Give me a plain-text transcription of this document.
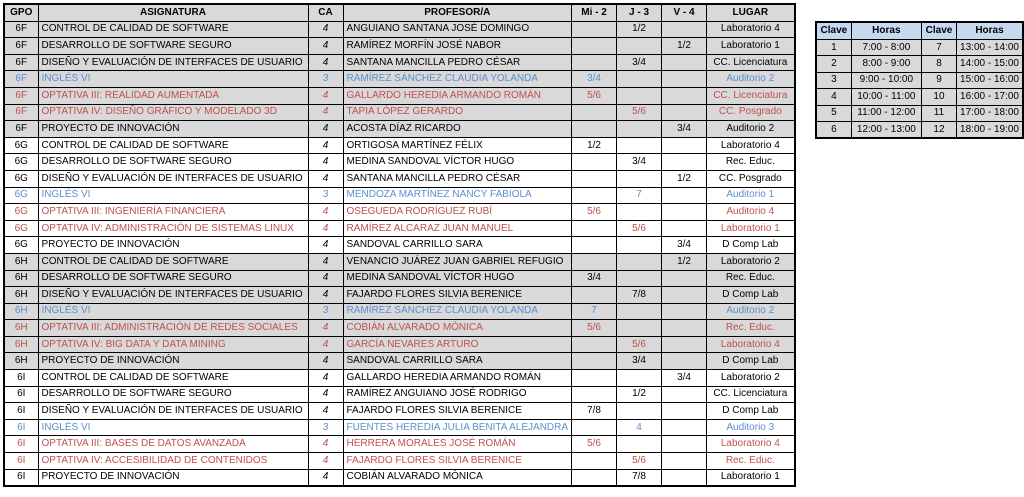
GPO	ASIGNATURA	CA	PROFESOR/A	Mi - 2	J - 3	V - 4	LUGAR
6F	CONTROL DE CALIDAD DE SOFTWARE	4	ANGUIANO SANTANA JOSÉ DOMINGO		1/2		Laboratorio 4
6F	DESARROLLO DE SOFTWARE SEGURO	4	RAMÍREZ MORFÍN JOSÉ NABOR			1/2	Laboratorio 1
6F	DISEÑO Y EVALUACIÓN DE INTERFACES DE USUARIO	4	SANTANA MANCILLA PEDRO CÉSAR		3/4		CC. Licenciatura
6F	INGLÉS VI	3	RAMÍREZ SÁNCHEZ CLAUDIA YOLANDA	3/4			Auditorio 2
6F	OPTATIVA III: REALIDAD AUMENTADA	4	GALLARDO HEREDIA ARMANDO ROMÁN	5/6			CC. Licenciatura
6F	OPTATIVA IV: DISEÑO GRÁFICO Y MODELADO 3D	4	TAPIA LÓPEZ GERARDO		5/6		CC. Posgrado
6F	PROYECTO DE INNOVACIÓN	4	ACOSTA DÍAZ RICARDO			3/4	Auditorio 2
6G	CONTROL DE CALIDAD DE SOFTWARE	4	ORTIGOSA MARTÍNEZ FÉLIX	1/2			Laboratorio 4
6G	DESARROLLO DE SOFTWARE SEGURO	4	MEDINA SANDOVAL VÍCTOR HUGO		3/4		Rec. Educ.
6G	DISEÑO Y EVALUACIÓN DE INTERFACES DE USUARIO	4	SANTANA MANCILLA PEDRO CÉSAR			1/2	CC. Posgrado
6G	INGLÉS VI	3	MENDOZA MARTÍNEZ NANCY FABIOLA		7		Auditorio 1
6G	OPTATIVA III: INGENIERÍA FINANCIERA	4	OSEGUEDA RODRÍGUEZ RUBÍ	5/6			Auditorio 4
6G	OPTATIVA IV: ADMINISTRACIÓN DE SISTEMAS LINUX	4	RAMÍREZ ALCARAZ JUAN MANUEL		5/6		Laboratorio 1
6G	PROYECTO DE INNOVACIÓN	4	SANDOVAL CARRILLO SARA			3/4	D Comp Lab
6H	CONTROL DE CALIDAD DE SOFTWARE	4	VENANCIO JUÁREZ JUAN GABRIEL REFUGIO			1/2	Laboratorio 2
6H	DESARROLLO DE SOFTWARE SEGURO	4	MEDINA SANDOVAL VÍCTOR HUGO	3/4			Rec. Educ.
6H	DISEÑO Y EVALUACIÓN DE INTERFACES DE USUARIO	4	FAJARDO FLORES SILVIA BERENICE		7/8		D Comp Lab
6H	INGLÉS VI	3	RAMÍREZ SÁNCHEZ CLAUDIA YOLANDA	7			Auditorio 2
6H	OPTATIVA III: ADMINISTRACIÓN DE REDES SOCIALES	4	COBIÁN ALVARADO MÓNICA	5/6			Rec. Educ.
6H	OPTATIVA IV: BIG DATA Y DATA MINING	4	GARCÍA NEVARES ARTURO		5/6		Laboratorio 4
6H	PROYECTO DE INNOVACIÓN	4	SANDOVAL CARRILLO SARA		3/4		D Comp Lab
6I	CONTROL DE CALIDAD DE SOFTWARE	4	GALLARDO HEREDIA ARMANDO ROMÁN			3/4	Laboratorio 2
6I	DESARROLLO DE SOFTWARE SEGURO	4	RAMÍREZ ANGUIANO JOSÉ RODRIGO		1/2		CC. Licenciatura
6I	DISEÑO Y EVALUACIÓN DE INTERFACES DE USUARIO	4	FAJARDO FLORES SILVIA BERENICE	7/8			D Comp Lab
6I	INGLÉS VI	3	FUENTES HEREDIA JULIA BENITA ALEJANDRA		4		Auditorio 3
6I	OPTATIVA III: BASES DE DATOS AVANZADA	4	HERRERA MORALES JOSÉ ROMÁN	5/6			Laboratorio 4
6I	OPTATIVA IV: ACCESIBILIDAD DE CONTENIDOS	4	FAJARDO FLORES SILVIA BERENICE		5/6		Rec. Educ.
6I	PROYECTO DE INNOVACIÓN	4	COBIÁN ALVARADO MÓNICA		7/8		Laboratorio 1
Clave	Horas	Clave	Horas
1	7:00 - 8:00	7	13:00 - 14:00
2	8:00 - 9:00	8	14:00 - 15:00
3	9:00 - 10:00	9	15:00 - 16:00
4	10:00 - 11:00	10	16:00 - 17:00
5	11:00 - 12:00	11	17:00 - 18:00
6	12:00 - 13:00	12	18:00 - 19:00
